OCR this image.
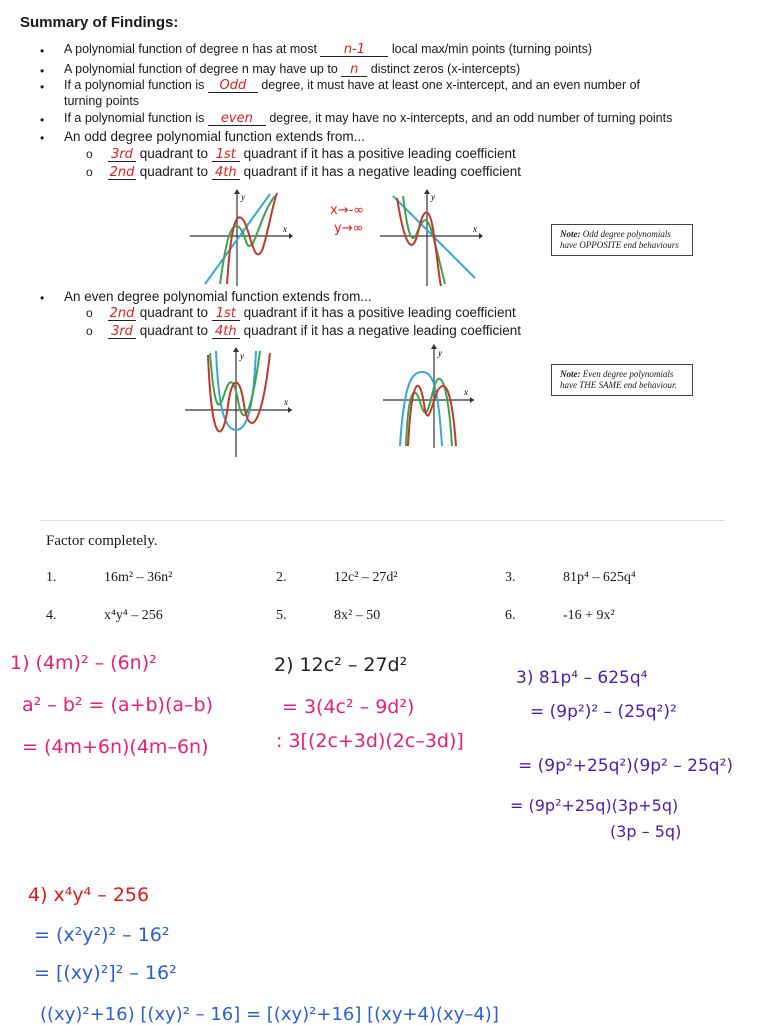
Summary of Findings:
• A polynomial function of degree n has at most	n-1	local max/min points (turning points)
• A polynomial function of degree n may have up to n distinct zeros (x-intercepts)
• If a polynomial function is	Odd	degree, it must have at least one x-intercept, and an even number of
turning points
• If a polynomial function is	even	degree, it may have no x-intercepts, and an odd number of turning points
• An odd degree polynomial function extends from...
o 3rd quadrant to 1st quadrant if it has a positive leading coefficient
o 2nd quadrant to 4th quadrant if it has a negative leading coefficient
x
y
x→-∞
y→∞	x
y
Note: Odd degree polynomials have OPPOSITE end behaviours
• An even degree polynomial function extends from...
o 2nd quadrant to 1st quadrant if it has a positive leading coefficient
o 3rd quadrant to 4th quadrant if it has a negative leading coefficient
x
y
x
y
Note: Even degree polynomials have THE SAME end behaviour.
Factor completely.
1.	16m² – 36n²	2.	12c² – 27d²	3.	81p⁴ – 625q⁴
4.	x⁴y⁴ – 256	5.	8x² – 50	6.	-16 + 9x²
1) (4m)² – (6n)²
a² – b² = (a+b)(a–b)
= (4m+6n)(4m–6n)
2) 12c² – 27d²
= 3(4c² – 9d²)
: 3[(2c+3d)(2c–3d)]
3) 81p⁴ – 625q⁴
= (9p²)² – (25q²)²
= (9p²+25q²)(9p² – 25q²)
= (9p²+25q)(3p+5q)
(3p – 5q)
4) x⁴y⁴ – 256
= (x²y²)² – 16²
= [(xy)²]² – 16²
((xy)²+16) [(xy)² – 16] = [(xy)²+16] [(xy+4)(xy–4)]
